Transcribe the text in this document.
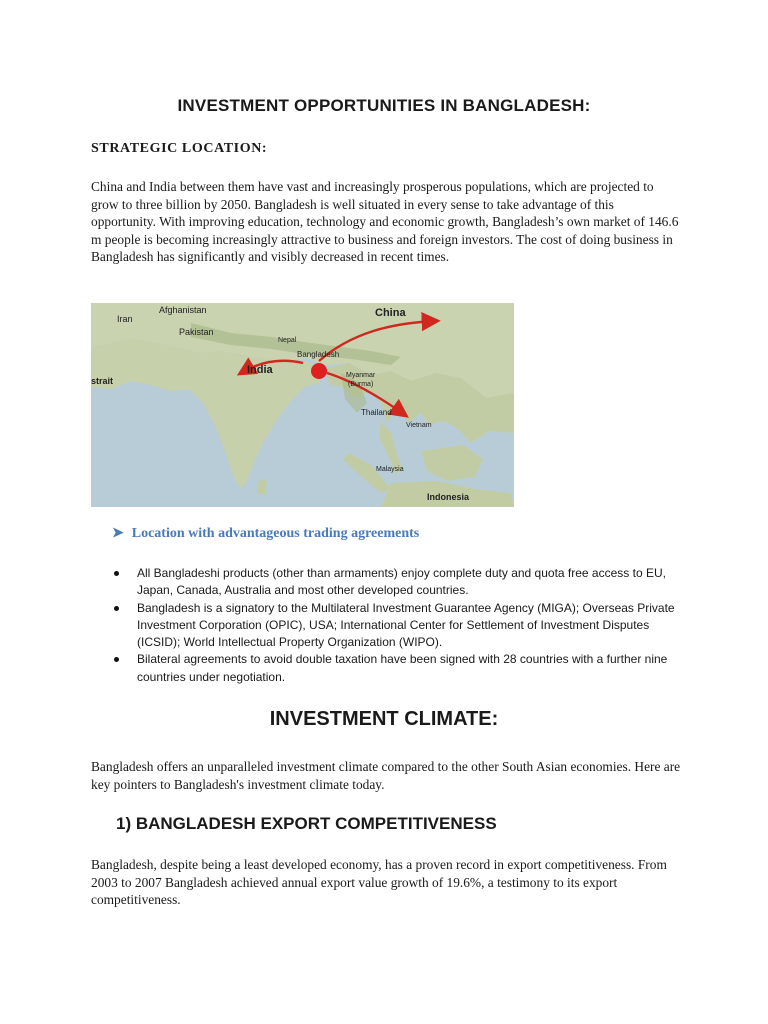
INVESTMENT OPPORTUNITIES IN BANGLADESH:
STRATEGIC LOCATION:
China and India between them have vast and increasingly prosperous populations, which are projected to grow to three billion by 2050. Bangladesh is well situated in every sense to take advantage of this opportunity. With improving education, technology and economic growth, Bangladesh’s own market of 146.6 m people is becoming increasingly attractive to business and foreign investors. The cost of doing business in Bangladesh has significantly and visibly decreased in recent times.
Iran
Afghanistan
Pakistan
Nepal
China
Bangladesh
India	Myanmar
(Burma)
Thailand
Vietnam
Malaysia
Indonesia
strait
➤ Location with advantageous trading agreements
All Bangladeshi products (other than armaments) enjoy complete duty and quota free access to EU, Japan, Canada, Australia and most other developed countries.
Bangladesh is a signatory to the Multilateral Investment Guarantee Agency (MIGA); Overseas Private Investment Corporation (OPIC), USA; International Center for Settlement of Investment Disputes (ICSID); World Intellectual Property Organization (WIPO).
Bilateral agreements to avoid double taxation have been signed with 28 countries with a further nine countries under negotiation.
INVESTMENT CLIMATE:
Bangladesh offers an unparalleled investment climate compared to the other South Asian economies. Here are key pointers to Bangladesh's investment climate today.
1) BANGLADESH EXPORT COMPETITIVENESS
Bangladesh, despite being a least developed economy, has a proven record in export competitiveness. From 2003 to 2007 Bangladesh achieved annual export value growth of 19.6%, a testimony to its export competitiveness.
